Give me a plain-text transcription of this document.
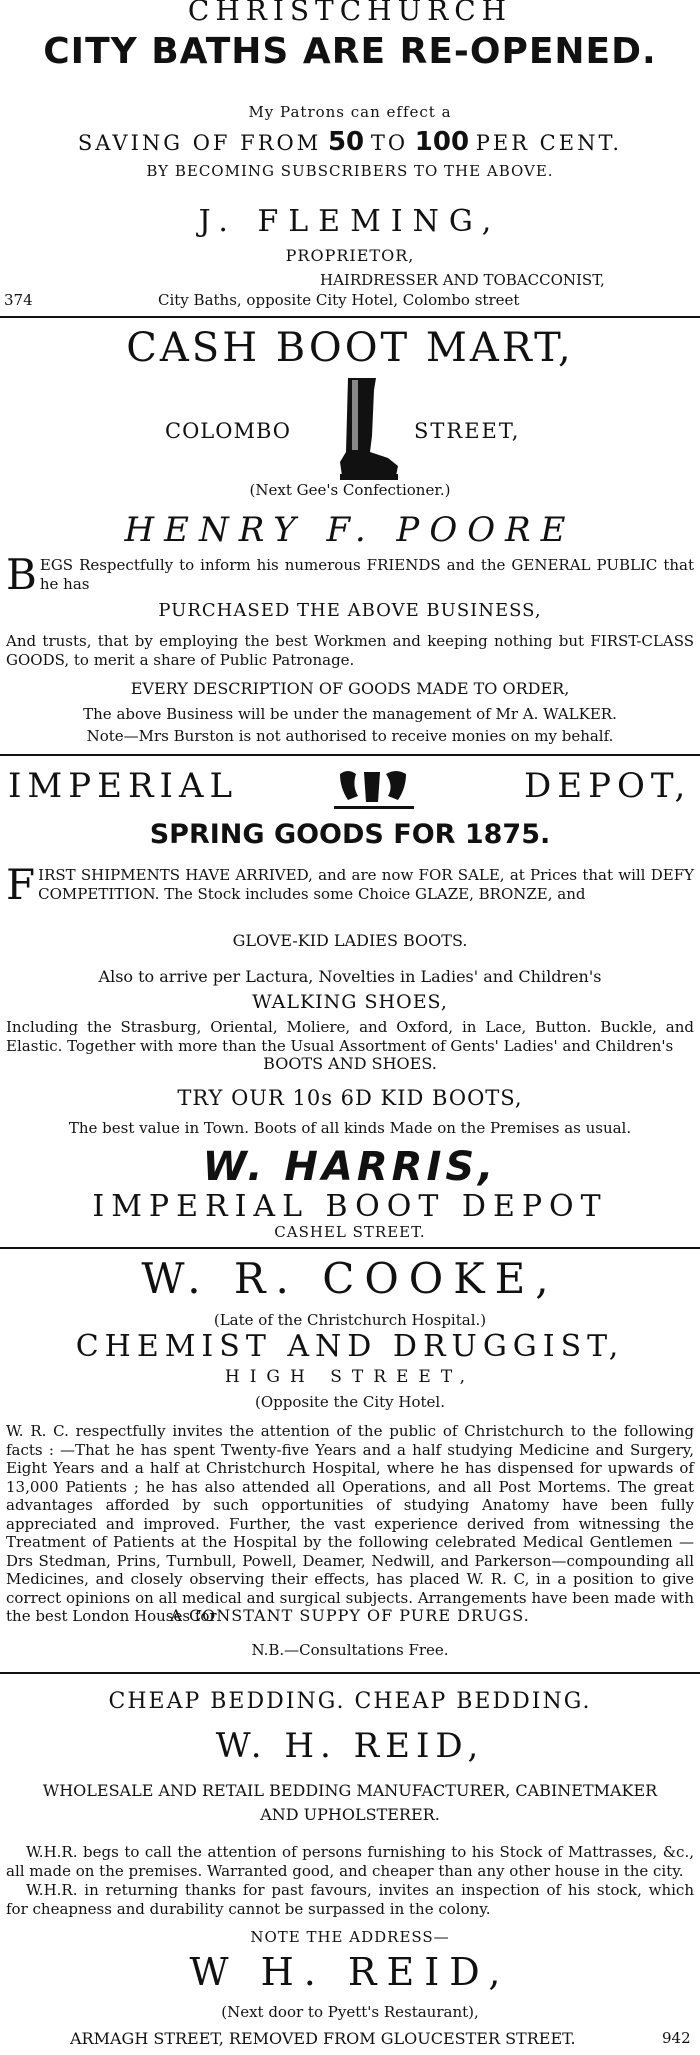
CHRISTCHURCH
CITY BATHS ARE RE-OPENED.
My Patrons can effect a
SAVING OF FROM 50 TO 100 PER CENT.
BY BECOMING SUBSCRIBERS TO THE ABOVE.
J. FLEMING,
PROPRIETOR,
HAIRDRESSER AND TOBACCONIST,
374	City Baths, opposite City Hotel, Colombo street
CASH BOOT MART,
COLOMBO	STREET,
(Next Gee's Confectioner.)
HENRY F. POORE
BEGS Respectfully to inform his numerous FRIENDS and the GENERAL PUBLIC that he has
PURCHASED THE ABOVE BUSINESS,
And trusts, that by employing the best Workmen and keeping nothing but FIRST-CLASS GOODS, to merit a share of Public Patronage.
EVERY DESCRIPTION OF GOODS MADE TO ORDER,
The above Business will be under the management of Mr A. WALKER.
Note—Mrs Burston is not authorised to receive monies on my behalf.
IMPERIAL	DEPOT,
SPRING GOODS FOR 1875.
FIRST SHIPMENTS HAVE ARRIVED, and are now FOR SALE, at Prices that will DEFY COMPETITION. The Stock includes some Choice GLAZE, BRONZE, and
GLOVE-KID LADIES BOOTS.
Also to arrive per Lactura, Novelties in Ladies' and Children's
WALKING SHOES,
Including the Strasburg, Oriental, Moliere, and Oxford, in Lace, Button. Buckle, and Elastic. Together with more than the Usual Assortment of Gents' Ladies' and Children's
BOOTS AND SHOES.
TRY OUR 10s 6D KID BOOTS,
The best value in Town. Boots of all kinds Made on the Premises as usual.
W. HARRIS,
IMPERIAL BOOT DEPOT
CASHEL STREET.
W. R. COOKE,
(Late of the Christchurch Hospital.)
CHEMIST AND DRUGGIST,
HIGH STREET,
(Opposite the City Hotel.
W. R. C. respectfully invites the attention of the public of Christchurch to the following facts : —That he has spent Twenty-five Years and a half studying Medicine and Surgery, Eight Years and a half at Christchurch Hospital, where he has dispensed for upwards of 13,000 Patients ; he has also attended all Operations, and all Post Mortems. The great advantages afforded by such opportunities of studying Anatomy have been fully appreciated and improved. Further, the vast experience derived from witnessing the Treatment of Patients at the Hospital by the following celebrated Medical Gentlemen —Drs Stedman, Prins, Turnbull, Powell, Deamer, Nedwill, and Parkerson—compounding all Medicines, and closely observing their effects, has placed W. R. C, in a position to give correct opinions on all medical and surgical subjects. Arrangements have been made with the best London Houses for
A CONSTANT SUPPY OF PURE DRUGS.
N.B.—Consultations Free.
CHEAP BEDDING. CHEAP BEDDING.
W. H. REID,
WHOLESALE AND RETAIL BEDDING MANUFACTURER, CABINETMAKER
AND UPHOLSTERER.
W.H.R. begs to call the attention of persons furnishing to his Stock of Mattrasses, &c., all made on the premises. Warranted good, and cheaper than any other house in the city.
W.H.R. in returning thanks for past favours, invites an inspection of his stock, which for cheapness and durability cannot be surpassed in the colony.
NOTE THE ADDRESS—
W H. REID,
(Next door to Pyett's Restaurant),
ARMAGH STREET, REMOVED FROM GLOUCESTER STREET.	942
